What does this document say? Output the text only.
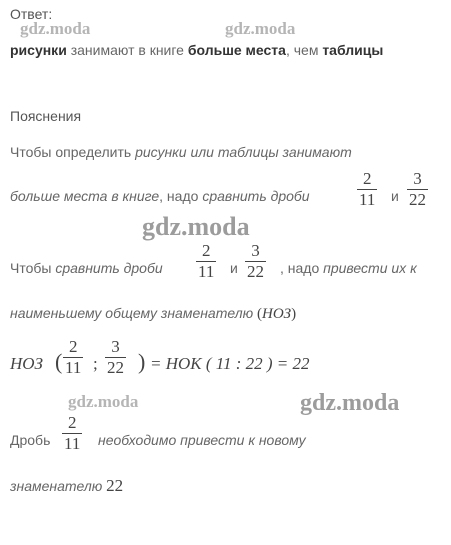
gdz.moda	gdz.moda
gdz.moda
gdz.moda	gdz.moda
Ответ:
рисунки занимают в книге больше места, чем таблицы
Пояснения
Чтобы определить рисунки или таблицы занимают
больше места в книге, надо сравнить дроби
2
11 и
3
22
Чтобы сравнить дроби
2
11 и
3
22 , надо привести их к
наименьшему общему знаменателю (НОЗ)
НОЗ (
2
11 ;
3
22 ) = НОК ( 11 : 22 ) = 22
Дробь
2
11 необходимо привести к новому
знаменателю 22
